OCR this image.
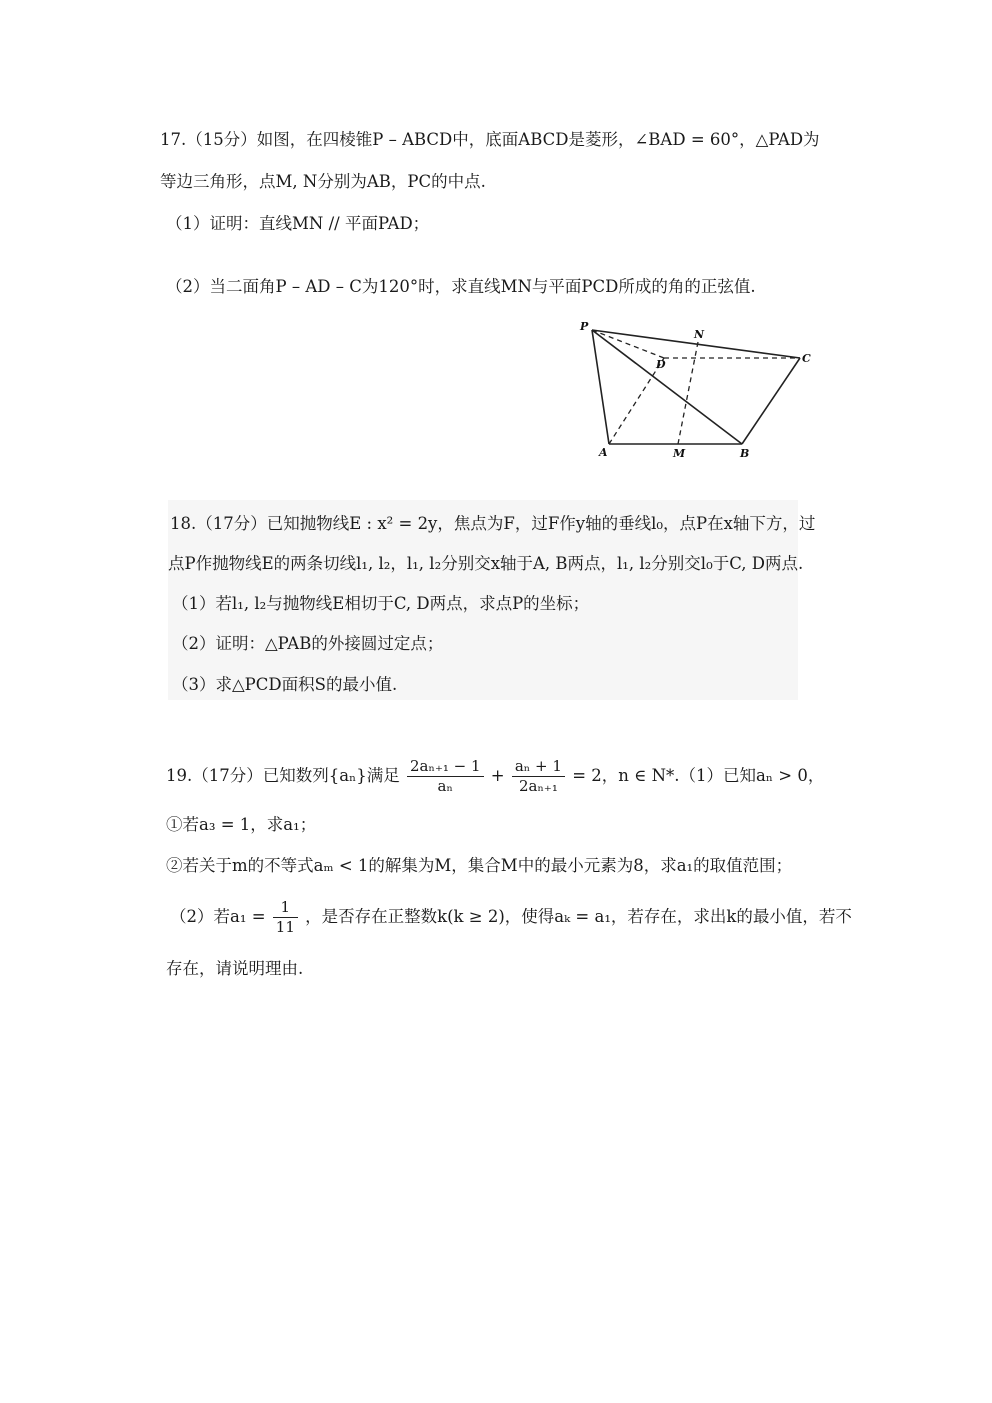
17.（15分）如图，在四棱锥P – ABCD中，底面ABCD是菱形，∠BAD = 60°，△PAD为
等边三角形，点M, N分别为AB，PC的中点.
（1）证明：直线MN // 平面PAD；
（2）当二面角P – AD – C为120°时，求直线MN与平面PCD所成的角的正弦值.
P
N
C
D
A	M	B
18.（17分）已知抛物线E : x² = 2y，焦点为F，过F作y轴的垂线l₀，点P在x轴下方，过
点P作抛物线E的两条切线l₁, l₂，l₁, l₂分别交x轴于A, B两点，l₁, l₂分别交l₀于C, D两点.
（1）若l₁, l₂与抛物线E相切于C, D两点，求点P的坐标；
（2）证明：△PAB的外接圆过定点；
（3）求△PCD面积S的最小值.
19.（17分）已知数列{aₙ}满足 $\frac{\text{2aₙ₊₁ − 1}}{\text{aₙ}} + \frac{\text{aₙ + 1}}{\text{2aₙ₊₁}} = 2$，n ∈ N*.（1）已知aₙ > 0，
①若a₃ = 1，求a₁；
②若关于m的不等式aₘ < 1的解集为M，集合M中的最小元素为8，求a₁的取值范围；
（2）若$a_1 = \frac{1}{11}$ ，是否存在正整数k(k ≥ 2)，使得aₖ = a₁，若存在，求出k的最小值，若不
存在，请说明理由.
